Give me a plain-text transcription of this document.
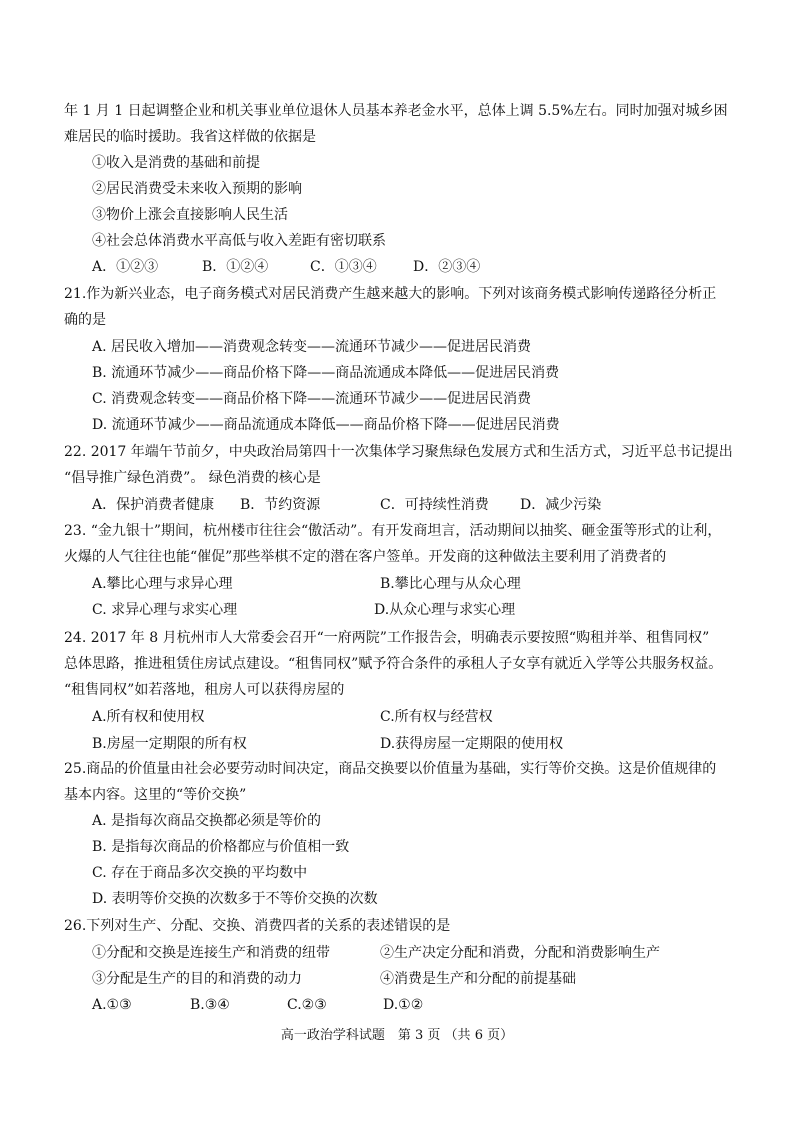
年 1 月 1 日起调整企业和机关事业单位退休人员基本养老金水平，总体上调 5.5%左右。同时加强对城乡困
难居民的临时援助。我省这样做的依据是
①收入是消费的基础和前提
②居民消费受未来收入预期的影响
③物价上涨会直接影响人民生活
④社会总体消费水平高低与收入差距有密切联系
A．①②③	B．①②④	C．①③④	D．②③④
21.作为新兴业态，电子商务模式对居民消费产生越来越大的影响。下列对该商务模式影响传递路径分析正
确的是
A. 居民收入增加——消费观念转变——流通环节减少——促进居民消费
B. 流通环节减少——商品价格下降——商品流通成本降低——促进居民消费
C. 消费观念转变——商品价格下降——流通环节减少——促进居民消费
D. 流通环节减少——商品流通成本降低——商品价格下降——促进居民消费
22. 2017 年端午节前夕，中央政治局第四十一次集体学习聚焦绿色发展方式和生活方式，习近平总书记提出
“倡导推广绿色消费”。 绿色消费的核心是
A．保护消费者健康 B．节约资源	C．可持续性消费 D．减少污染
23. “金九银十”期间，杭州楼市往往会“傲活动”。有开发商坦言，活动期间以抽奖、砸金蛋等形式的让利，
火爆的人气往往也能“催促”那些举棋不定的潜在客户签单。开发商的这种做法主要利用了消费者的
A.攀比心理与求异心理	B.攀比心理与从众心理
C. 求异心理与求实心理	D.从众心理与求实心理
24. 2017 年 8 月杭州市人大常委会召开“一府两院”工作报告会，明确表示要按照“购租并举、租售同权”
总体思路，推进租赁住房试点建设。“租售同权”赋予符合条件的承租人子女享有就近入学等公共服务权益。
“租售同权”如若落地，租房人可以获得房屋的
A.所有权和使用权	C.所有权与经营权
B.房屋一定期限的所有权	D.获得房屋一定期限的使用权
25.商品的价值量由社会必要劳动时间决定，商品交换要以价值量为基础，实行等价交换。这是价值规律的
基本内容。这里的“等价交换”
A. 是指每次商品交换都必须是等价的
B. 是指每次商品的价格都应与价值相一致
C. 存在于商品多次交换的平均数中
D. 表明等价交换的次数多于不等价交换的次数
26.下列对生产、分配、交换、消费四者的关系的表述错误的是
①分配和交换是连接生产和消费的纽带	②生产决定分配和消费，分配和消费影响生产
③分配是生产的目的和消费的动力	④消费是生产和分配的前提基础
A.①③	B.③④	C.②③	D.①②
高一政治学科试题　第 3 页 （共 6 页）
